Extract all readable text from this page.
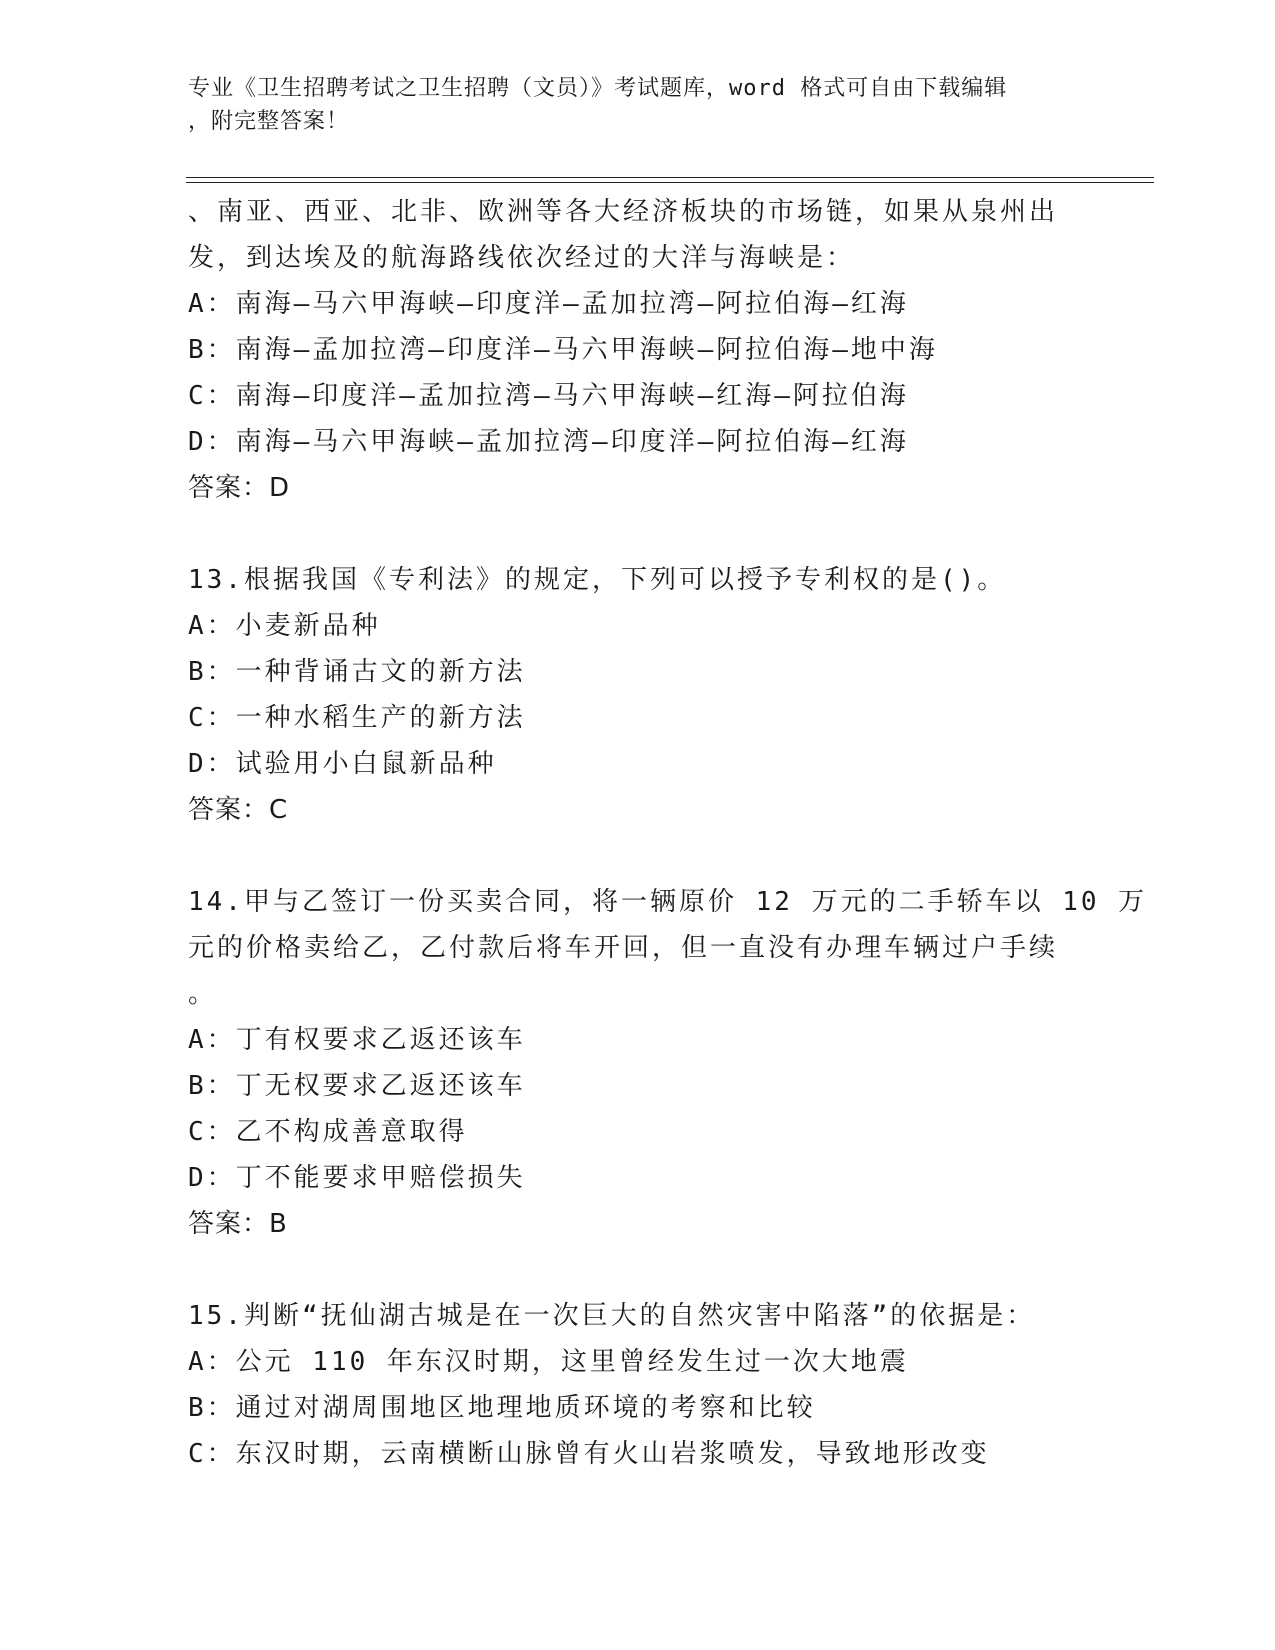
专业《卫生招聘考试之卫生招聘（文员）》考试题库，word 格式可自由下载编辑
，附完整答案！
、南亚、西亚、北非、欧洲等各大经济板块的市场链，如果从泉州出
发，到达埃及的航海路线依次经过的大洋与海峡是：
A：南海—马六甲海峡—印度洋—孟加拉湾—阿拉伯海—红海
B：南海—孟加拉湾—印度洋—马六甲海峡—阿拉伯海—地中海
C：南海—印度洋—孟加拉湾—马六甲海峡—红海—阿拉伯海
D：南海—马六甲海峡—孟加拉湾—印度洋—阿拉伯海—红海
答案：D
13.根据我国《专利法》的规定，下列可以授予专利权的是()。
A：小麦新品种
B：一种背诵古文的新方法
C：一种水稻生产的新方法
D：试验用小白鼠新品种
答案：C
14.甲与乙签订一份买卖合同，将一辆原价 12 万元的二手轿车以 10 万
元的价格卖给乙，乙付款后将车开回，但一直没有办理车辆过户手续
。
A：丁有权要求乙返还该车
B：丁无权要求乙返还该车
C：乙不构成善意取得
D：丁不能要求甲赔偿损失
答案：B
15.判断“抚仙湖古城是在一次巨大的自然灾害中陷落”的依据是：
A：公元 110 年东汉时期，这里曾经发生过一次大地震
B：通过对湖周围地区地理地质环境的考察和比较
C：东汉时期，云南横断山脉曾有火山岩浆喷发，导致地形改变
